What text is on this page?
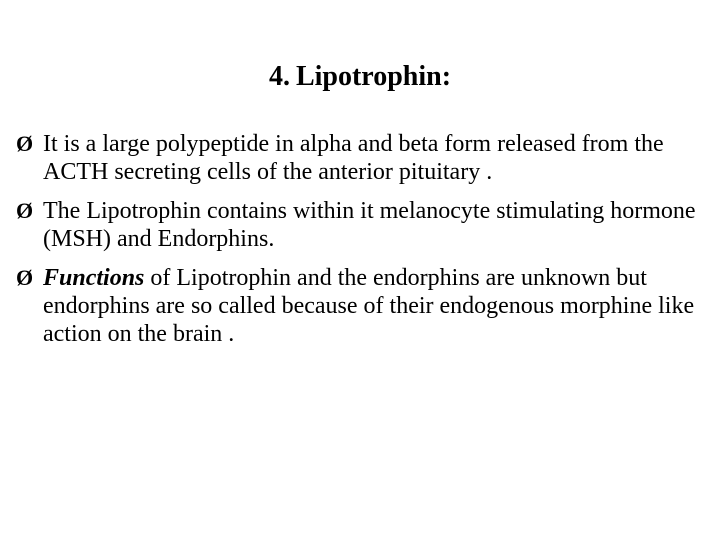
4. Lipotrophin:
Ø It is a large polypeptide in alpha and beta form released from the ACTH secreting cells of the anterior pituitary .
Ø The Lipotrophin contains within it melanocyte stimulating hormone (MSH) and Endorphins.
Ø Functions of Lipotrophin and the endorphins are unknown but endorphins are so called because of their endogenous morphine like action on the brain .
